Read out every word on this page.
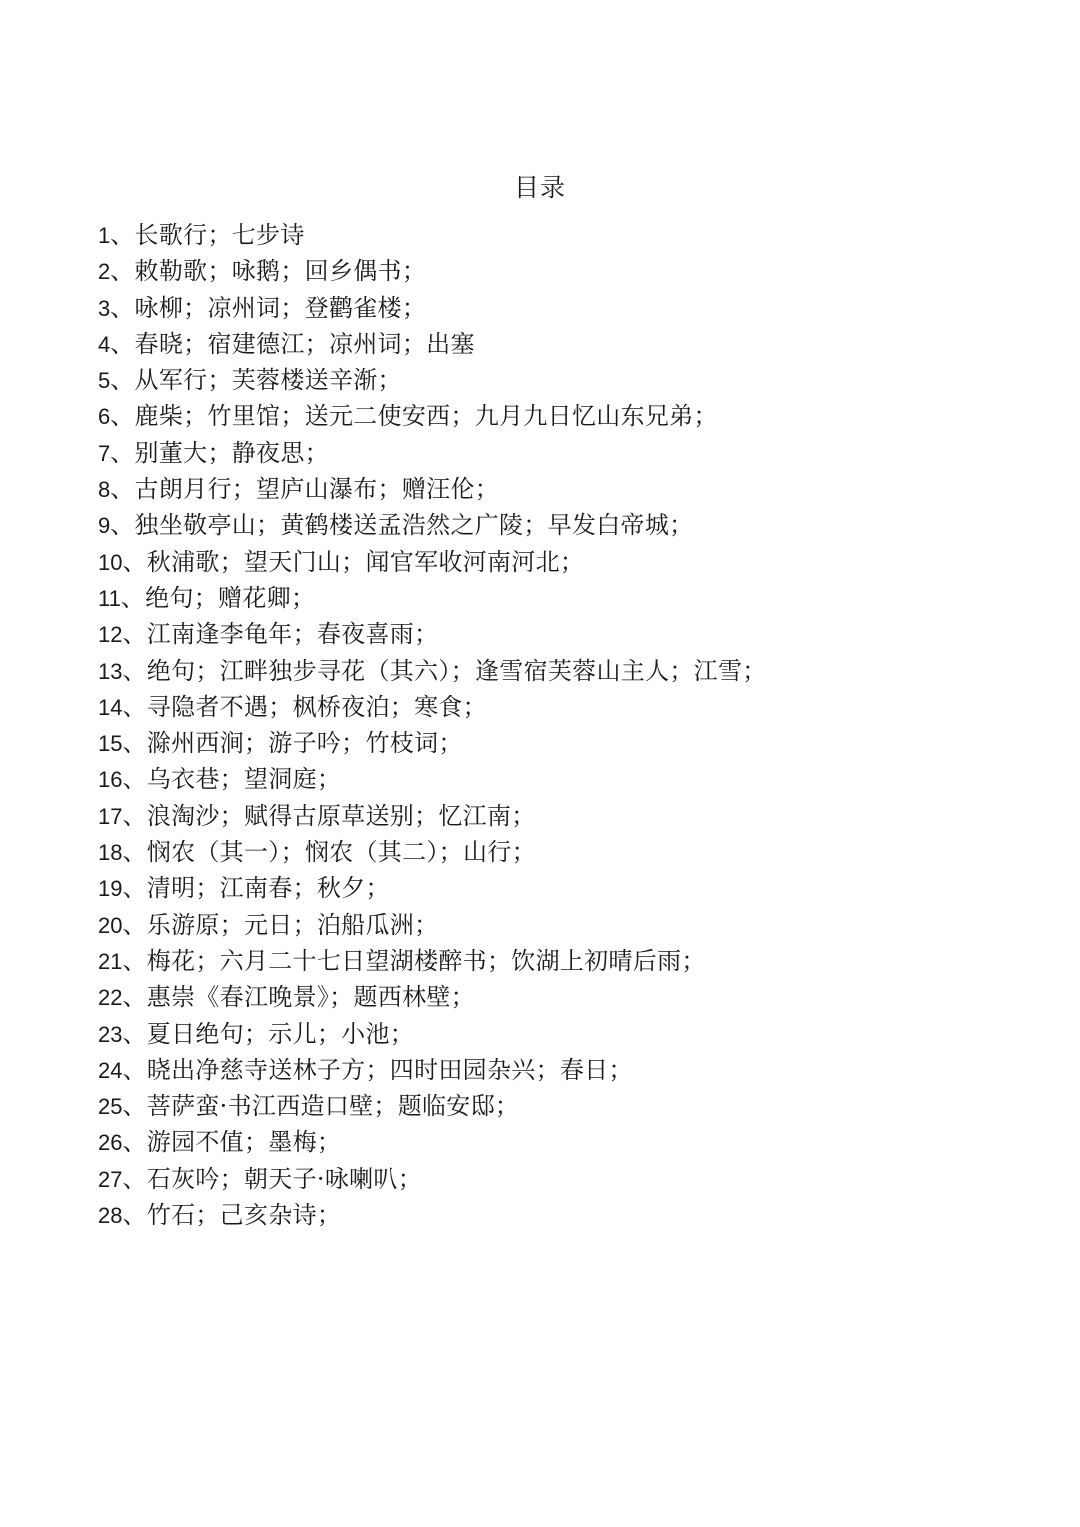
目录
1 、长歌行；七步诗
2 、敕勒歌；咏鹅；回乡偶书；
3 、咏柳；凉州词；登鹳雀楼；
4 、春晓；宿建德江；凉州词；出塞
5 、从军行；芙蓉楼送辛渐；
6 、鹿柴；竹里馆；送元二使安西；九月九日忆山东兄弟；
7 、别董大；静夜思；
8 、古朗月行；望庐山瀑布；赠汪伦；
9 、独坐敬亭山；黄鹤楼送孟浩然之广陵；早发白帝城；
10 、秋浦歌；望天门山；闻官军收河南河北；
11 、绝句；赠花卿；
12 、江南逢李龟年；春夜喜雨；
13 、绝句；江畔独步寻花（其六）；逢雪宿芙蓉山主人；江雪；
14 、寻隐者不遇；枫桥夜泊；寒食；
15 、滁州西涧；游子吟；竹枝词；
16 、乌衣巷；望洞庭；
17 、浪淘沙；赋得古原草送别；忆江南；
18 、悯农（其一）；悯农（其二）；山行；
19 、清明；江南春；秋夕；
20 、乐游原；元日；泊船瓜洲；
21 、梅花；六月二十七日望湖楼醉书；饮湖上初晴后雨；
22 、惠崇《春江晚景》；题西林壁；
23 、夏日绝句；示儿；小池；
24 、晓出净慈寺送林子方；四时田园杂兴；春日；
25 、菩萨蛮·书江西造口壁；题临安邸；
26 、游园不值；墨梅；
27 、石灰吟；朝天子·咏喇叭；
28 、竹石；己亥杂诗；
